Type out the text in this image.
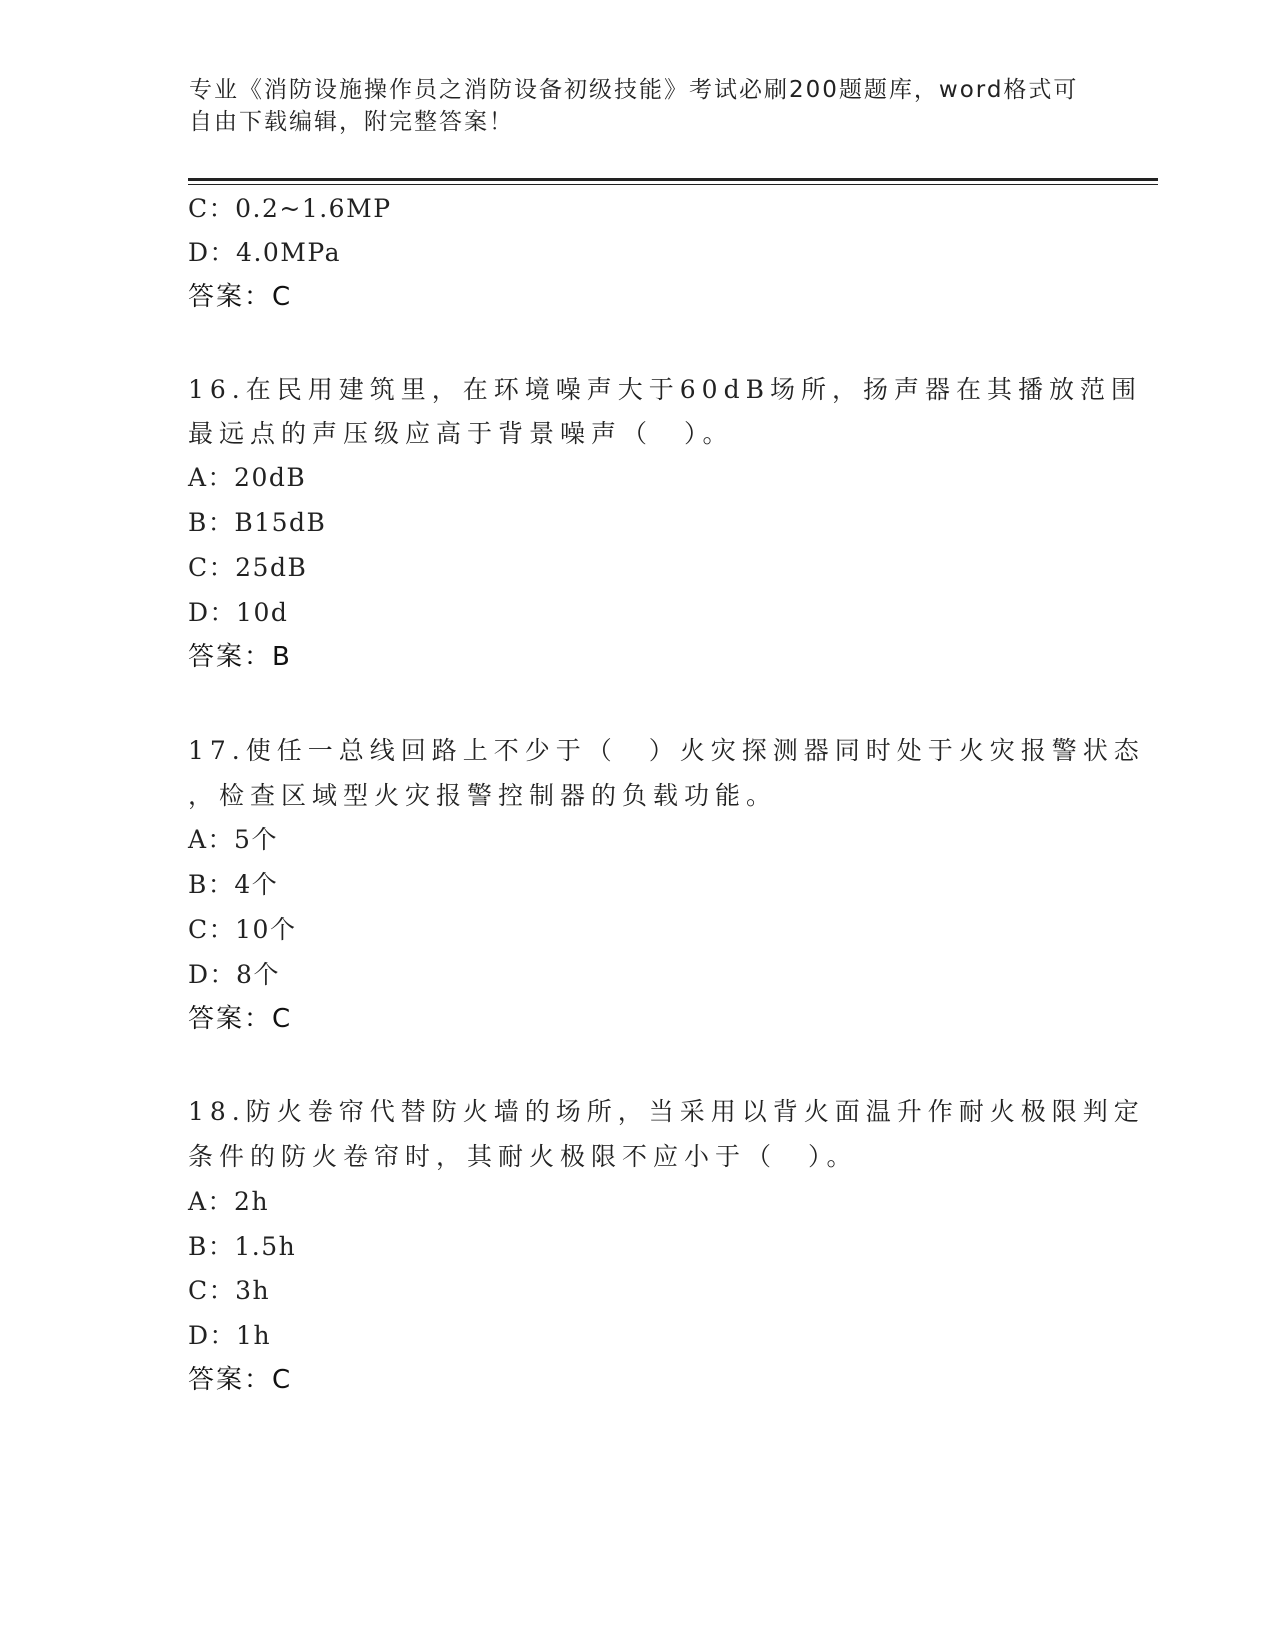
专业《消防设施操作员之消防设备初级技能》考试必刷200题题库，word格式可
自由下载编辑，附完整答案！
C：0.2~1.6MP
D：4.0MPa
答案：C
16.在民用建筑里，在环境噪声大于60dB场所，扬声器在其播放范围
最远点的声压级应高于背景噪声（　）。
A：20dB
B：B15dB
C：25dB
D：10d
答案：B
17.使任一总线回路上不少于（　）火灾探测器同时处于火灾报警状态
，检查区域型火灾报警控制器的负载功能。
A：5个
B：4个
C：10个
D：8个
答案：C
18.防火卷帘代替防火墙的场所，当采用以背火面温升作耐火极限判定
条件的防火卷帘时，其耐火极限不应小于（　）。
A：2h
B：1.5h
C：3h
D：1h
答案：C
